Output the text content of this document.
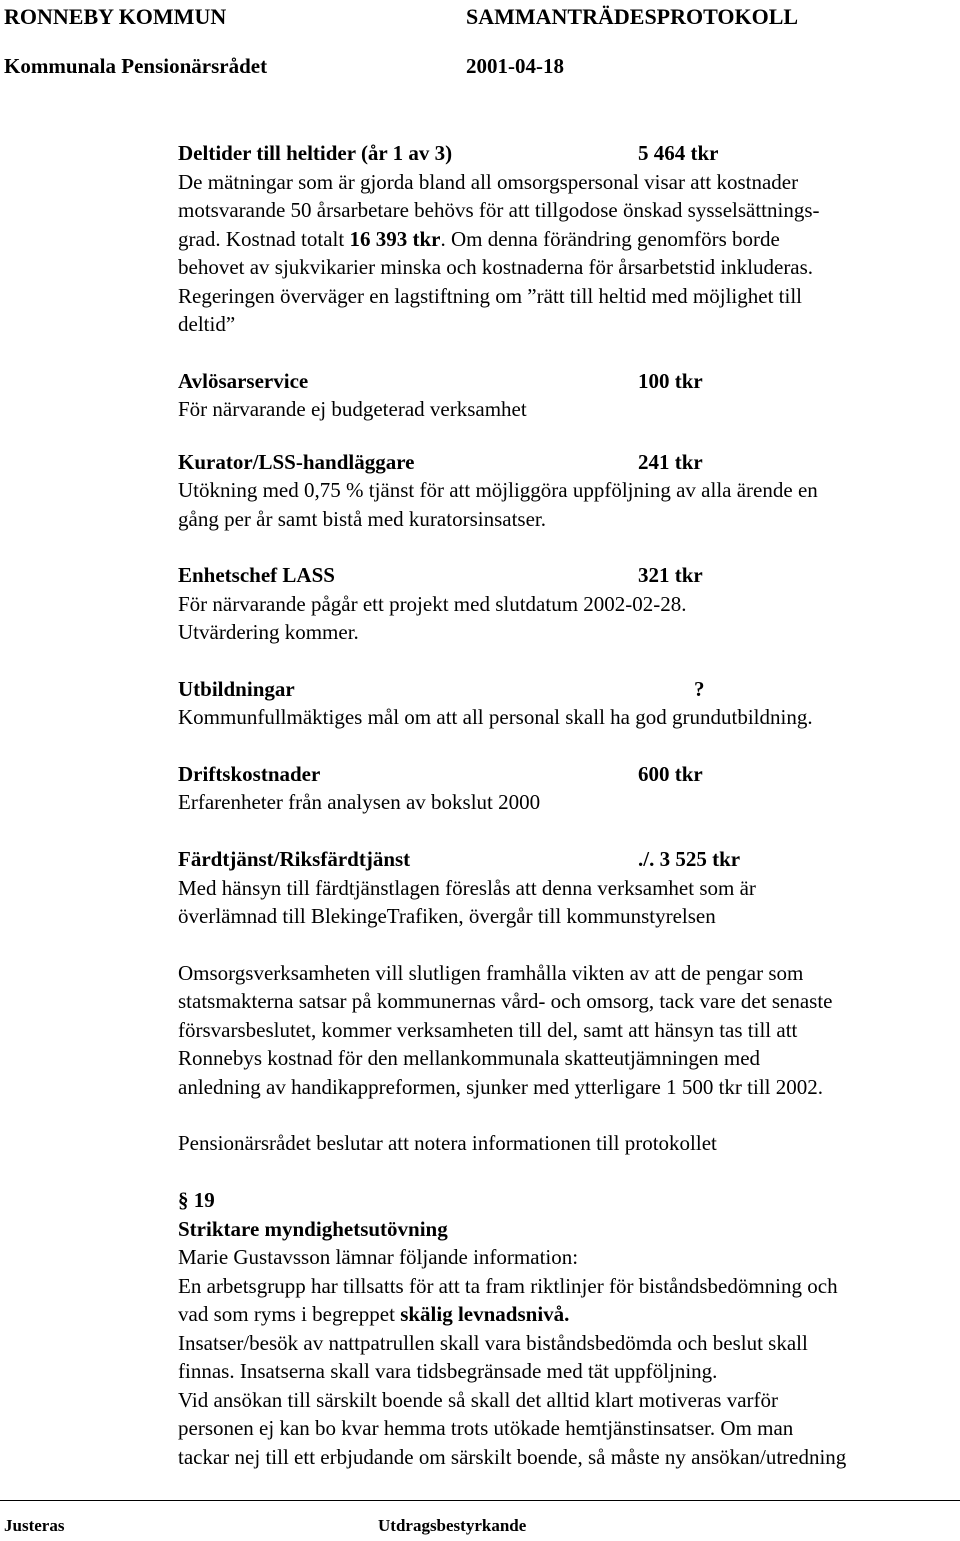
RONNEBY KOMMUN	SAMMANTRÄDESPROTOKOLL
Kommunala Pensionärsrådet	2001-04-18
Deltider till heltider (år 1 av 3)	5 464 tkr
De mätningar som är gjorda bland all omsorgspersonal visar att kostnader
motsvarande 50 årsarbetare behövs för att tillgodose önskad sysselsättnings-
grad. Kostnad totalt 16 393 tkr. Om denna förändring genomförs borde
behovet av sjukvikarier minska och kostnaderna för årsarbetstid inkluderas.
Regeringen överväger en lagstiftning om ”rätt till heltid med möjlighet till
deltid”
Avlösarservice	100 tkr
För närvarande ej budgeterad verksamhet
Kurator/LSS-handläggare	241 tkr
Utökning med 0,75 % tjänst för att möjliggöra uppföljning av alla ärende en
gång per år samt bistå med kuratorsinsatser.
Enhetschef LASS	321 tkr
För närvarande pågår ett projekt med slutdatum 2002-02-28.
Utvärdering kommer.
Utbildningar	?
Kommunfullmäktiges mål om att all personal skall ha god grundutbildning.
Driftskostnader	600 tkr
Erfarenheter från analysen av bokslut 2000
Färdtjänst/Riksfärdtjänst	./. 3 525 tkr
Med hänsyn till färdtjänstlagen föreslås att denna verksamhet som är
överlämnad till BlekingeTrafiken, övergår till kommunstyrelsen
Omsorgsverksamheten vill slutligen framhålla vikten av att de pengar som
statsmakterna satsar på kommunernas vård- och omsorg, tack vare det senaste
försvarsbeslutet, kommer verksamheten till del, samt att hänsyn tas till att
Ronnebys kostnad för den mellankommunala skatteutjämningen med
anledning av handikappreformen, sjunker med ytterligare 1 500 tkr till 2002.
Pensionärsrådet beslutar att notera informationen till protokollet
§ 19
Striktare myndighetsutövning
Marie Gustavsson lämnar följande information:
En arbetsgrupp har tillsatts för att ta fram riktlinjer för biståndsbedömning och
vad som ryms i begreppet skälig levnadsnivå.
Insatser/besök av nattpatrullen skall vara biståndsbedömda och beslut skall
finnas. Insatserna skall vara tidsbegränsade med tät uppföljning.
Vid ansökan till särskilt boende så skall det alltid klart motiveras varför
personen ej kan bo kvar hemma trots utökade hemtjänstinsatser. Om man
tackar nej till ett erbjudande om särskilt boende, så måste ny ansökan/utredning
Justeras	Utdragsbestyrkande
